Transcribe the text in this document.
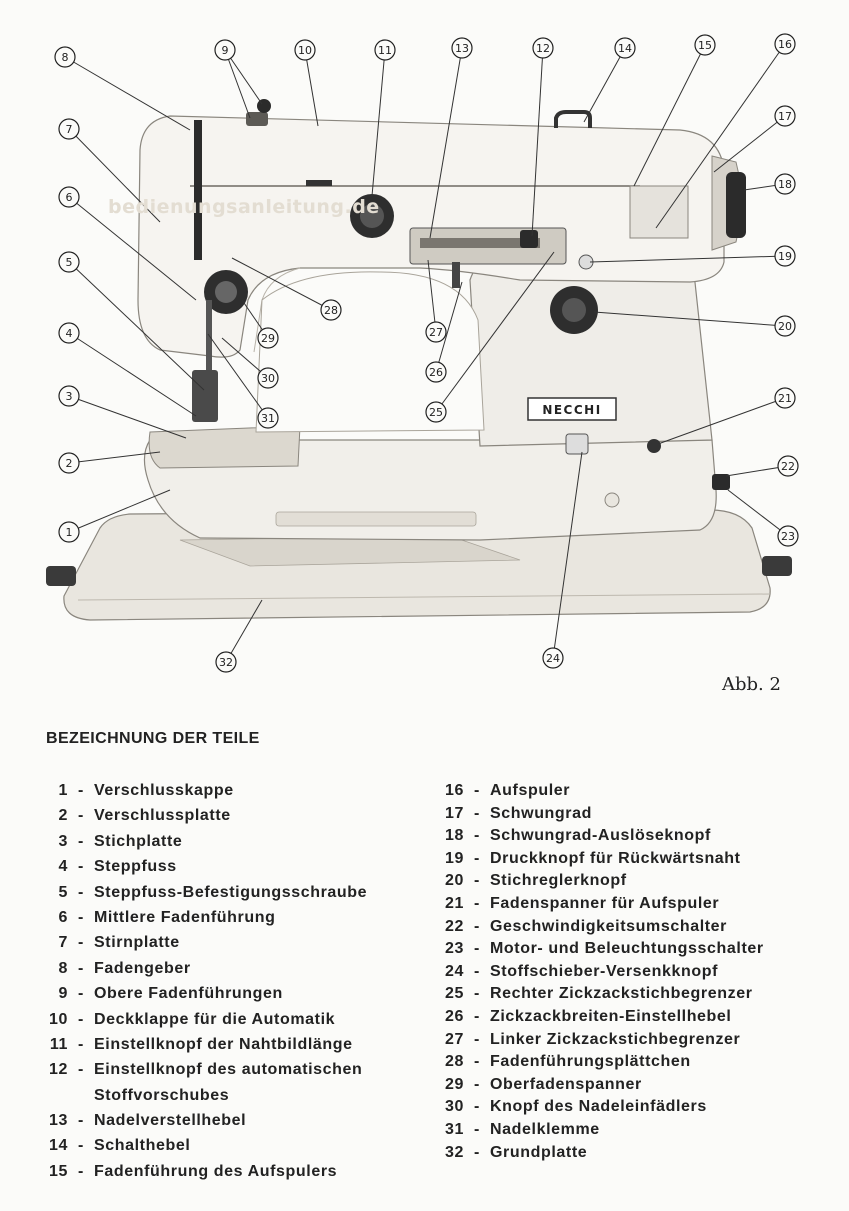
NECCHI
1
2
3
4
5
6
7
8
9	10	11	12
13	14	15	16
17
18
19
20
21
22
23
24
25
26
27
28
29
30
31
32
bedienungsanleitung.de
Abb. 2
BEZEICHNUNG DER TEILE
1 - Verschlusskappe
2 - Verschlussplatte
3 - Stichplatte
4 - Steppfuss
5 - Steppfuss-Befestigungsschraube
6 - Mittlere Fadenführung
7 - Stirnplatte
8 - Fadengeber
9 - Obere Fadenführungen
10 - Deckklappe für die Automatik
11 - Einstellknopf der Nahtbildlänge
12 - Einstellknopf des automatischen
Stoffvorschubes
13 - Nadelverstellhebel
14 - Schalthebel
15 - Fadenführung des Aufspulers
16 - Aufspuler
17 - Schwungrad
18 - Schwungrad-Auslöseknopf
19 - Druckknopf für Rückwärtsnaht
20 - Stichreglerknopf
21 - Fadenspanner für Aufspuler
22 - Geschwindigkeitsumschalter
23 - Motor- und Beleuchtungsschalter
24 - Stoffschieber-Versenkknopf
25 - Rechter Zickzackstichbegrenzer
26 - Zickzackbreiten-Einstellhebel
27 - Linker Zickzackstichbegrenzer
28 - Fadenführungsplättchen
29 - Oberfadenspanner
30 - Knopf des Nadeleinfädlers
31 - Nadelklemme
32 - Grundplatte
